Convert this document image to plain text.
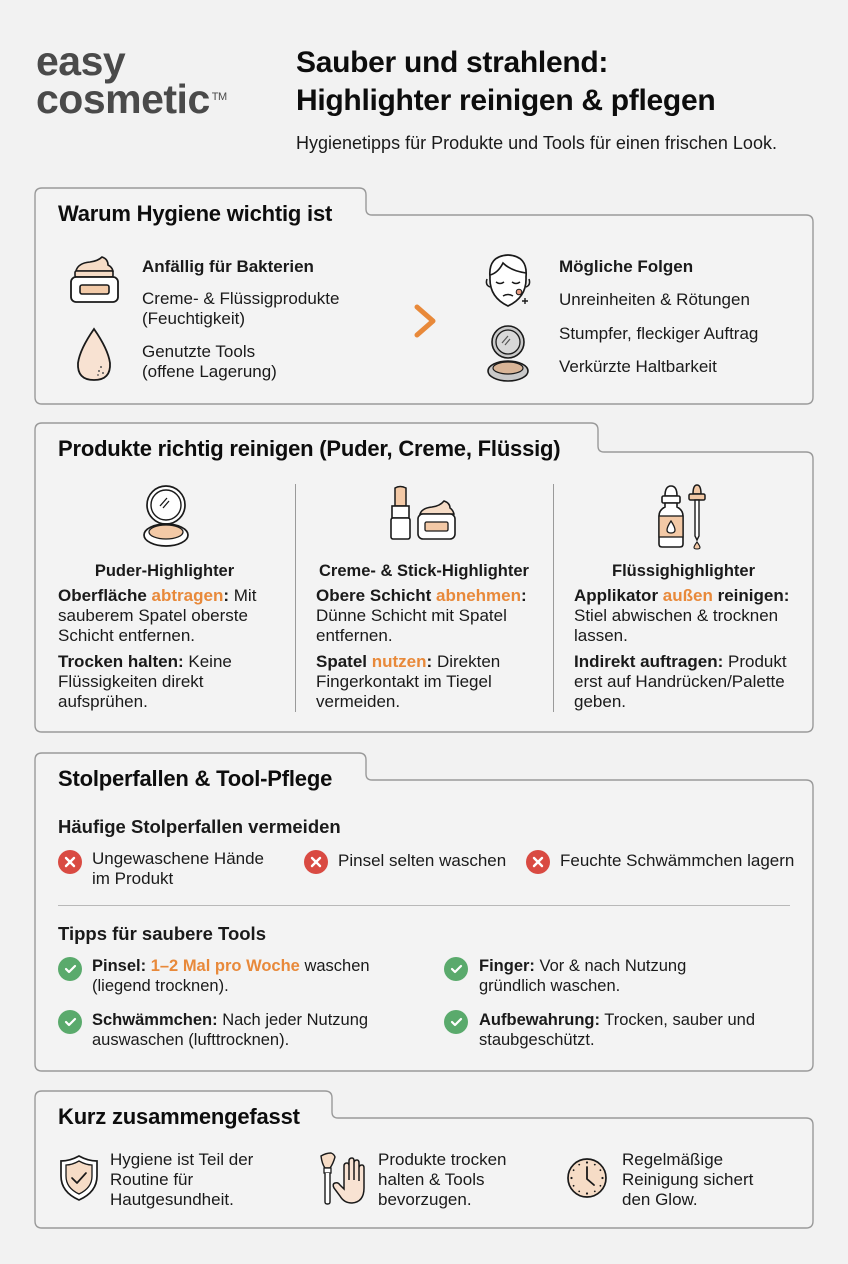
easy
cosmetic ™
Sauber und strahlend:
Highlighter reinigen & pflegen
Hygienetipps für Produkte und Tools für einen frischen Look.
Warum Hygiene wichtig ist
Anfällig für Bakterien
Creme- & Flüssigprodukte
(Feuchtigkeit)
Genutzte Tools
(offene Lagerung)
Mögliche Folgen
Unreinheiten & Rötungen
Stumpfer, fleckiger Auftrag
Verkürzte Haltbarkeit
Produkte richtig reinigen (Puder, Creme, Flüssig)
Puder-Highlighter
Oberfläche abtragen: Mit
sauberem Spatel oberste
Schicht entfernen.
Trocken halten: Keine
Flüssigkeiten direkt
aufsprühen.
Creme- & Stick-Highlighter
Obere Schicht abnehmen:
Dünne Schicht mit Spatel
entfernen.
Spatel nutzen: Direkten
Fingerkontakt im Tiegel
vermeiden.
Flüssighighlighter
Applikator außen reinigen:
Stiel abwischen & trocknen
lassen.
Indirekt auftragen: Produkt
erst auf Handrücken/Palette
geben.
Stolperfallen & Tool-Pflege
Häufige Stolperfallen vermeiden
Ungewaschene Hände
im Produkt
Pinsel selten waschen	Feuchte Schwämmchen lagern
Tipps für saubere Tools
Pinsel: 1–2 Mal pro Woche waschen
(liegend trocknen).
Schwämmchen: Nach jeder Nutzung
auswaschen (lufttrocknen).
Finger: Vor & nach Nutzung
gründlich waschen.
Aufbewahrung: Trocken, sauber und
staubgeschützt.
Kurz zusammengefasst
Hygiene ist Teil der
Routine für
Hautgesundheit.
Produkte trocken
halten & Tools
bevorzugen.
Regelmäßige
Reinigung sichert
den Glow.
